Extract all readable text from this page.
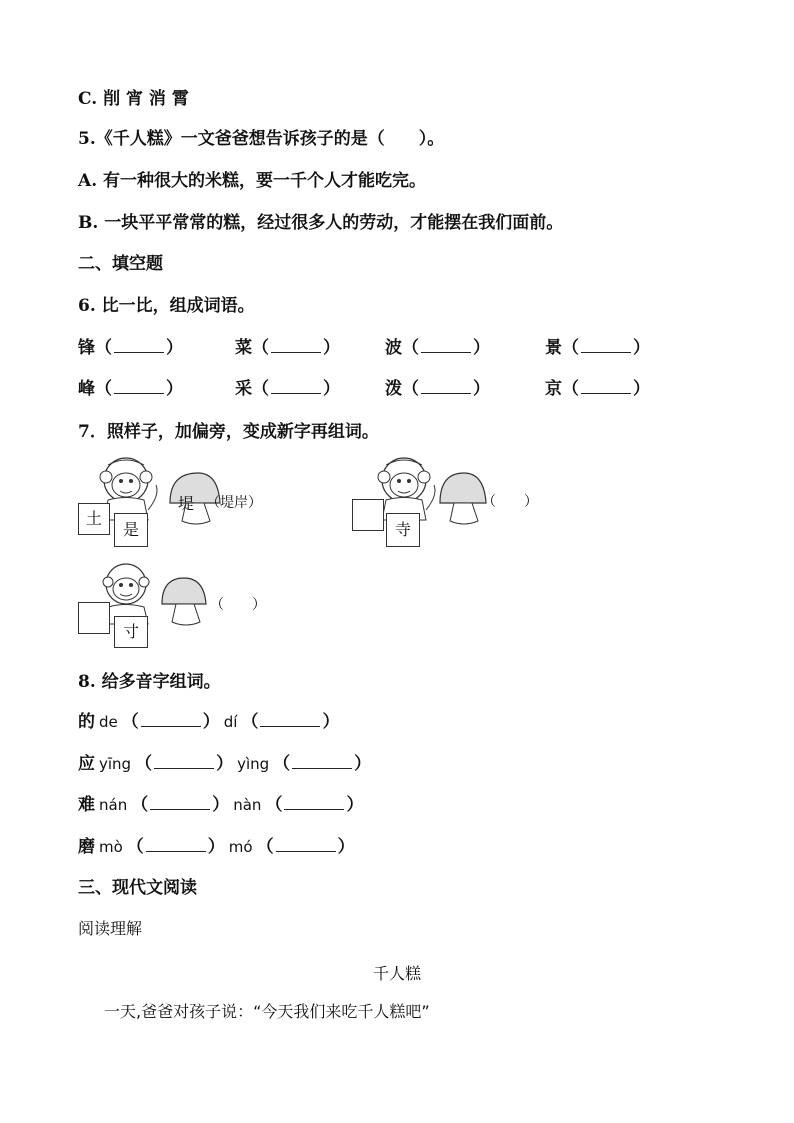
C. 削 宵 消 霄
5.《千人糕》一文爸爸想告诉孩子的是（　　）。
A. 有一种很大的米糕，要一千个人才能吃完。
B. 一块平平常常的糕，经过很多人的劳动，才能摆在我们面前。
二、填空题
6. 比一比，组成词语。
锋（	）	菜（	）	波（	）	景（	）
峰（	）	采（	）	泼（	）	京（	）
7．照样子，加偏旁，变成新字再组词。
土
是
堤 （堤岸）
寺
（　　）
寸
（　　）
8. 给多音字组词。
的 de （	） dí （	）
应 yīng （	） yìng （	）
难 nán （	） nàn （	）
磨 mò （	） mó （	）
三、现代文阅读
阅读理解
千人糕
一天,爸爸对孩子说：“今天我们来吃千人糕吧”
